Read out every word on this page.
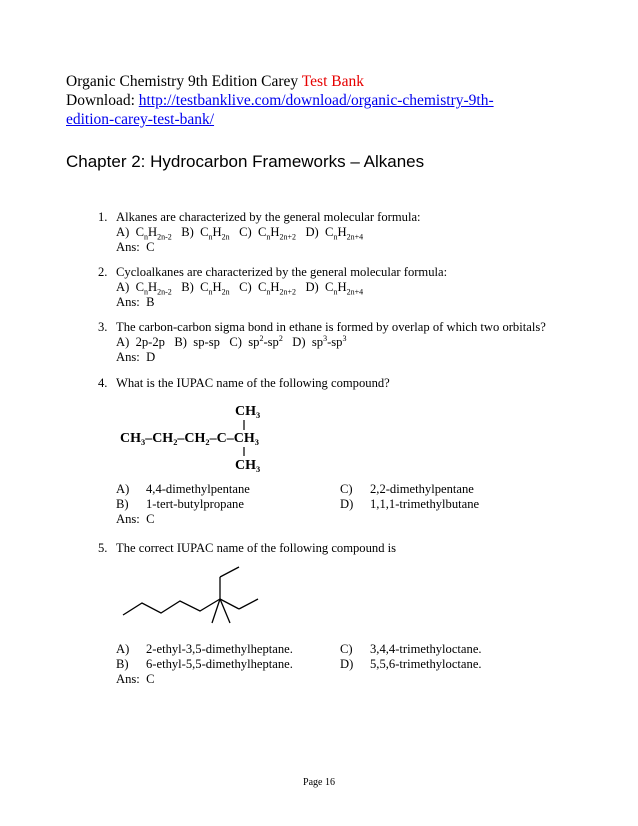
Organic Chemistry 9th Edition Carey Test Bank
Download: http://testbanklive.com/download/organic-chemistry-9th-
edition-carey-test-bank/
Chapter 2: Hydrocarbon Frameworks – Alkanes
1. Alkanes are characterized by the general molecular formula:
A)  $C_nH_{2n-2}$   B)  $C_nH_{2n}$   C)  $C_nH_{2n+2}$   D)  $C_nH_{2n+4}$
Ans:  C
2. Cycloalkanes are characterized by the general molecular formula:
A)  $C_nH_{2n-2}$   B)  $C_nH_{2n}$   C)  $C_nH_{2n+2}$   D)  $C_nH_{2n+4}$
Ans:  B
3. The carbon-carbon sigma bond in ethane is formed by overlap of which two orbitals?
A)  2p-2p   B)  sp-sp   C)  $sp^2-sp^2$   D)  $sp^3-sp^3$
Ans:  D
4. What is the IUPAC name of the following compound?
CH₃
CH₃–CH₂–CH₂–C–CH₃
CH₃
A) 4,4-dimethylpentane
B) 1-tert-butylpropane
C) 2,2-dimethylpentane
D) 1,1,1-trimethylbutane
Ans:  C
5. The correct IUPAC name of the following compound is
A) 2-ethyl-3,5-dimethylheptane.
B) 6-ethyl-5,5-dimethylheptane.
C) 3,4,4-trimethyloctane.
D) 5,5,6-trimethyloctane.
Ans:  C
Page 16
